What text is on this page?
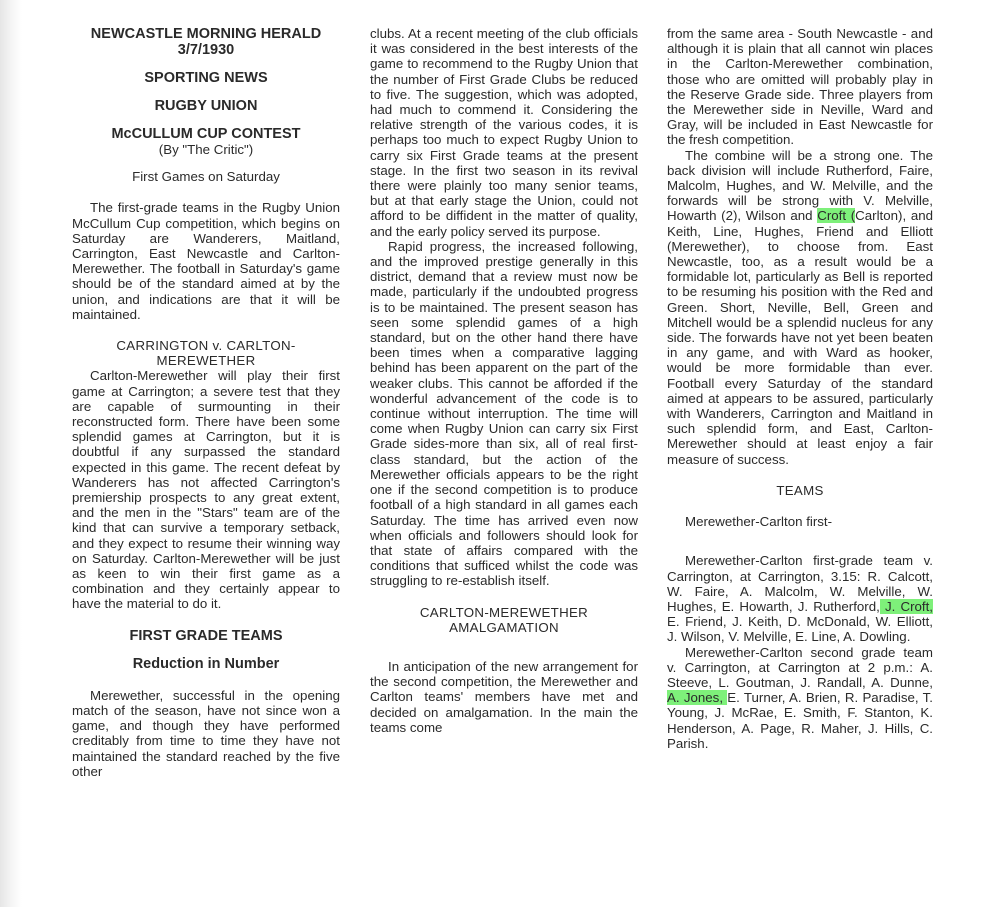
NEWCASTLE MORNING HERALD
3/7/1930
SPORTING NEWS
RUGBY UNION
McCULLUM CUP CONTEST
(By "The Critic")
First Games on Saturday

The first-grade teams in the Rugby Union McCullum Cup competition, which begins on Saturday are Wanderers, Maitland, Carrington, East Newcastle and Carlton-Merewether. The football in Saturday's game should be of the standard aimed at by the union, and indications are that it will be maintained.

CARRINGTON v. CARLTON-MEREWETHER

Carlton-Merewether will play their first game at Carrington; a severe test that they are capable of surmounting in their reconstructed form. There have been some splendid games at Carrington, but it is doubtful if any surpassed the standard expected in this game. The recent defeat by Wanderers has not affected Carrington's premiership prospects to any great extent, and the men in the "Stars" team are of the kind that can survive a temporary setback, and they expect to resume their winning way on Saturday. Carlton-Merewether will be just as keen to win their first game as a combination and they certainly appear to have the material to do it.

FIRST GRADE TEAMS
Reduction in Number

Merewether, successful in the opening match of the season, have not since won a game, and though they have performed creditably from time to time they have not maintained the standard reached by the five other

clubs. At a recent meeting of the club officials it was considered in the best interests of the game to recommend to the Rugby Union that the number of First Grade Clubs be reduced to five. The suggestion, which was adopted, had much to commend it. Considering the relative strength of the various codes, it is perhaps too much to expect Rugby Union to carry six First Grade teams at the present stage. In the first two season in its revival there were plainly too many senior teams, but at that early stage the Union, could not afford to be diffident in the matter of quality, and the early policy served its purpose.

Rapid progress, the increased following, and the improved prestige generally in this district, demand that a review must now be made, particularly if the undoubted progress is to be maintained. The present season has seen some splendid games of a high standard, but on the other hand there have been times when a comparative lagging behind has been apparent on the part of the weaker clubs. This cannot be afforded if the wonderful advancement of the code is to continue without interruption. The time will come when Rugby Union can carry six First Grade sides-more than six, all of real first-class standard, but the action of the Merewether officials appears to be the right one if the second competition is to produce football of a high standard in all games each Saturday. The time has arrived even now when officials and followers should look for that state of affairs compared with the conditions that sufficed whilst the code was struggling to re-establish itself.

CARLTON-MEREWETHER AMALGAMATION

In anticipation of the new arrangement for the second competition, the Merewether and Carlton teams' members have met and decided on amalgamation. In the main the teams come

from the same area - South Newcastle - and although it is plain that all cannot win places in the Carlton-Merewether combination, those who are omitted will probably play in the Reserve Grade side. Three players from the Merewether side in Neville, Ward and Gray, will be included in East Newcastle for the fresh competition.

The combine will be a strong one. The back division will include Rutherford, Faire, Malcolm, Hughes, and W. Melville, and the forwards will be strong with V. Melville, Howarth (2), Wilson and Croft (Carlton), and Keith, Line, Hughes, Friend and Elliott (Merewether), to choose from. East Newcastle, too, as a result would be a formidable lot, particularly as Bell is reported to be resuming his position with the Red and Green. Short, Neville, Bell, Green and Mitchell would be a splendid nucleus for any side. The forwards have not yet been beaten in any game, and with Ward as hooker, would be more formidable than ever. Football every Saturday of the standard aimed at appears to be assured, particularly with Wanderers, Carrington and Maitland in such splendid form, and East, Carlton-Merewether should at least enjoy a fair measure of success.

TEAMS

Merewether-Carlton first-

Merewether-Carlton first-grade team v. Carrington, at Carrington, 3.15: R. Calcott, W. Faire, A. Malcolm, W. Melville, W. Hughes, E. Howarth, J. Rutherford, J. Croft, E. Friend, J. Keith, D. McDonald, W. Elliott, J. Wilson, V. Melville, E. Line, A. Dowling.

Merewether-Carlton second grade team v. Carrington, at Carrington at 2 p.m.: A. Steeve, L. Goutman, J. Randall, A. Dunne, A. Jones, E. Turner, A. Brien, R. Paradise, T. Young, J. McRae, E. Smith, F. Stanton, K. Henderson, A. Page, R. Maher, J. Hills, C. Parish.
